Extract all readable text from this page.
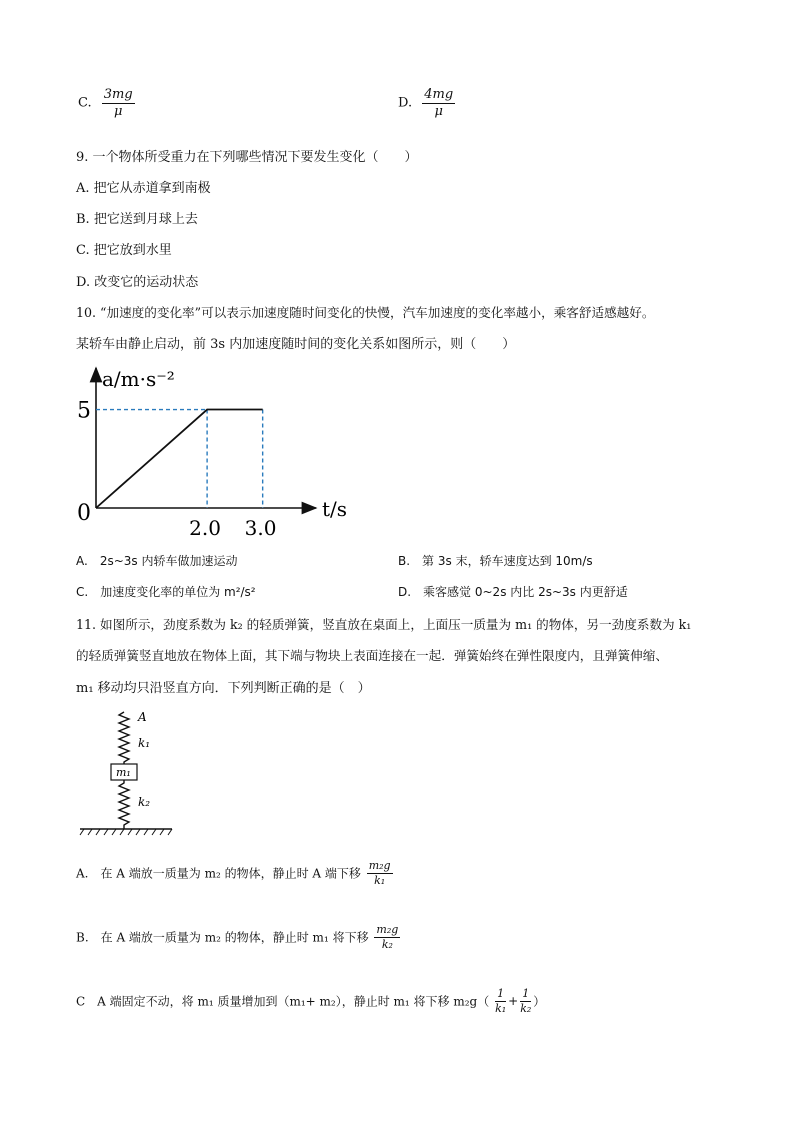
C. $\frac{3mg}{\mu}$	D. $\frac{4mg}{\mu}$
9. 一个物体所受重力在下列哪些情况下要发生变化（　　）
A. 把它从赤道拿到南极
B. 把它送到月球上去
C. 把它放到水里
D. 改变它的运动状态
10. “加速度的变化率”可以表示加速度随时间变化的快慢，汽车加速度的变化率越小，乘客舒适感越好。
某轿车由静止启动，前 3s 内加速度随时间的变化关系如图所示，则（　　）
0
5
2.0 3.0
a/m·s⁻²
t/s
A.　2s~3s 内轿车做加速运动	B.　第 3s 末，轿车速度达到 10m/s
C.　加速度变化率的单位为 m²/s²	D.　乘客感觉 0~2s 内比 2s~3s 内更舒适
11. 如图所示，劲度系数为 k₂ 的轻质弹簧，竖直放在桌面上，上面压一质量为 m₁ 的物体，另一劲度系数为 k₁
的轻质弹簧竖直地放在物体上面，其下端与物块上表面连接在一起．弹簧始终在弹性限度内，且弹簧伸缩、
m₁ 移动均只沿竖直方向．下列判断正确的是（　）
A
k₁
m₁
k₂
A.　在 A 端放一质量为 m₂ 的物体，静止时 A 端下移 $\frac{\text{m₂g}}{\text{k₁}}$
B.　在 A 端放一质量为 m₂ 的物体，静止时 m₁ 将下移 $\frac{\text{m₂g}}{\text{k₂}}$
C　A 端固定不动，将 m₁ 质量增加到（m₁+ m₂），静止时 m₁ 将下移 $m_2g( \frac{1}{\text{k₁}} + \frac{1}{\text{k₂}}$ ）
